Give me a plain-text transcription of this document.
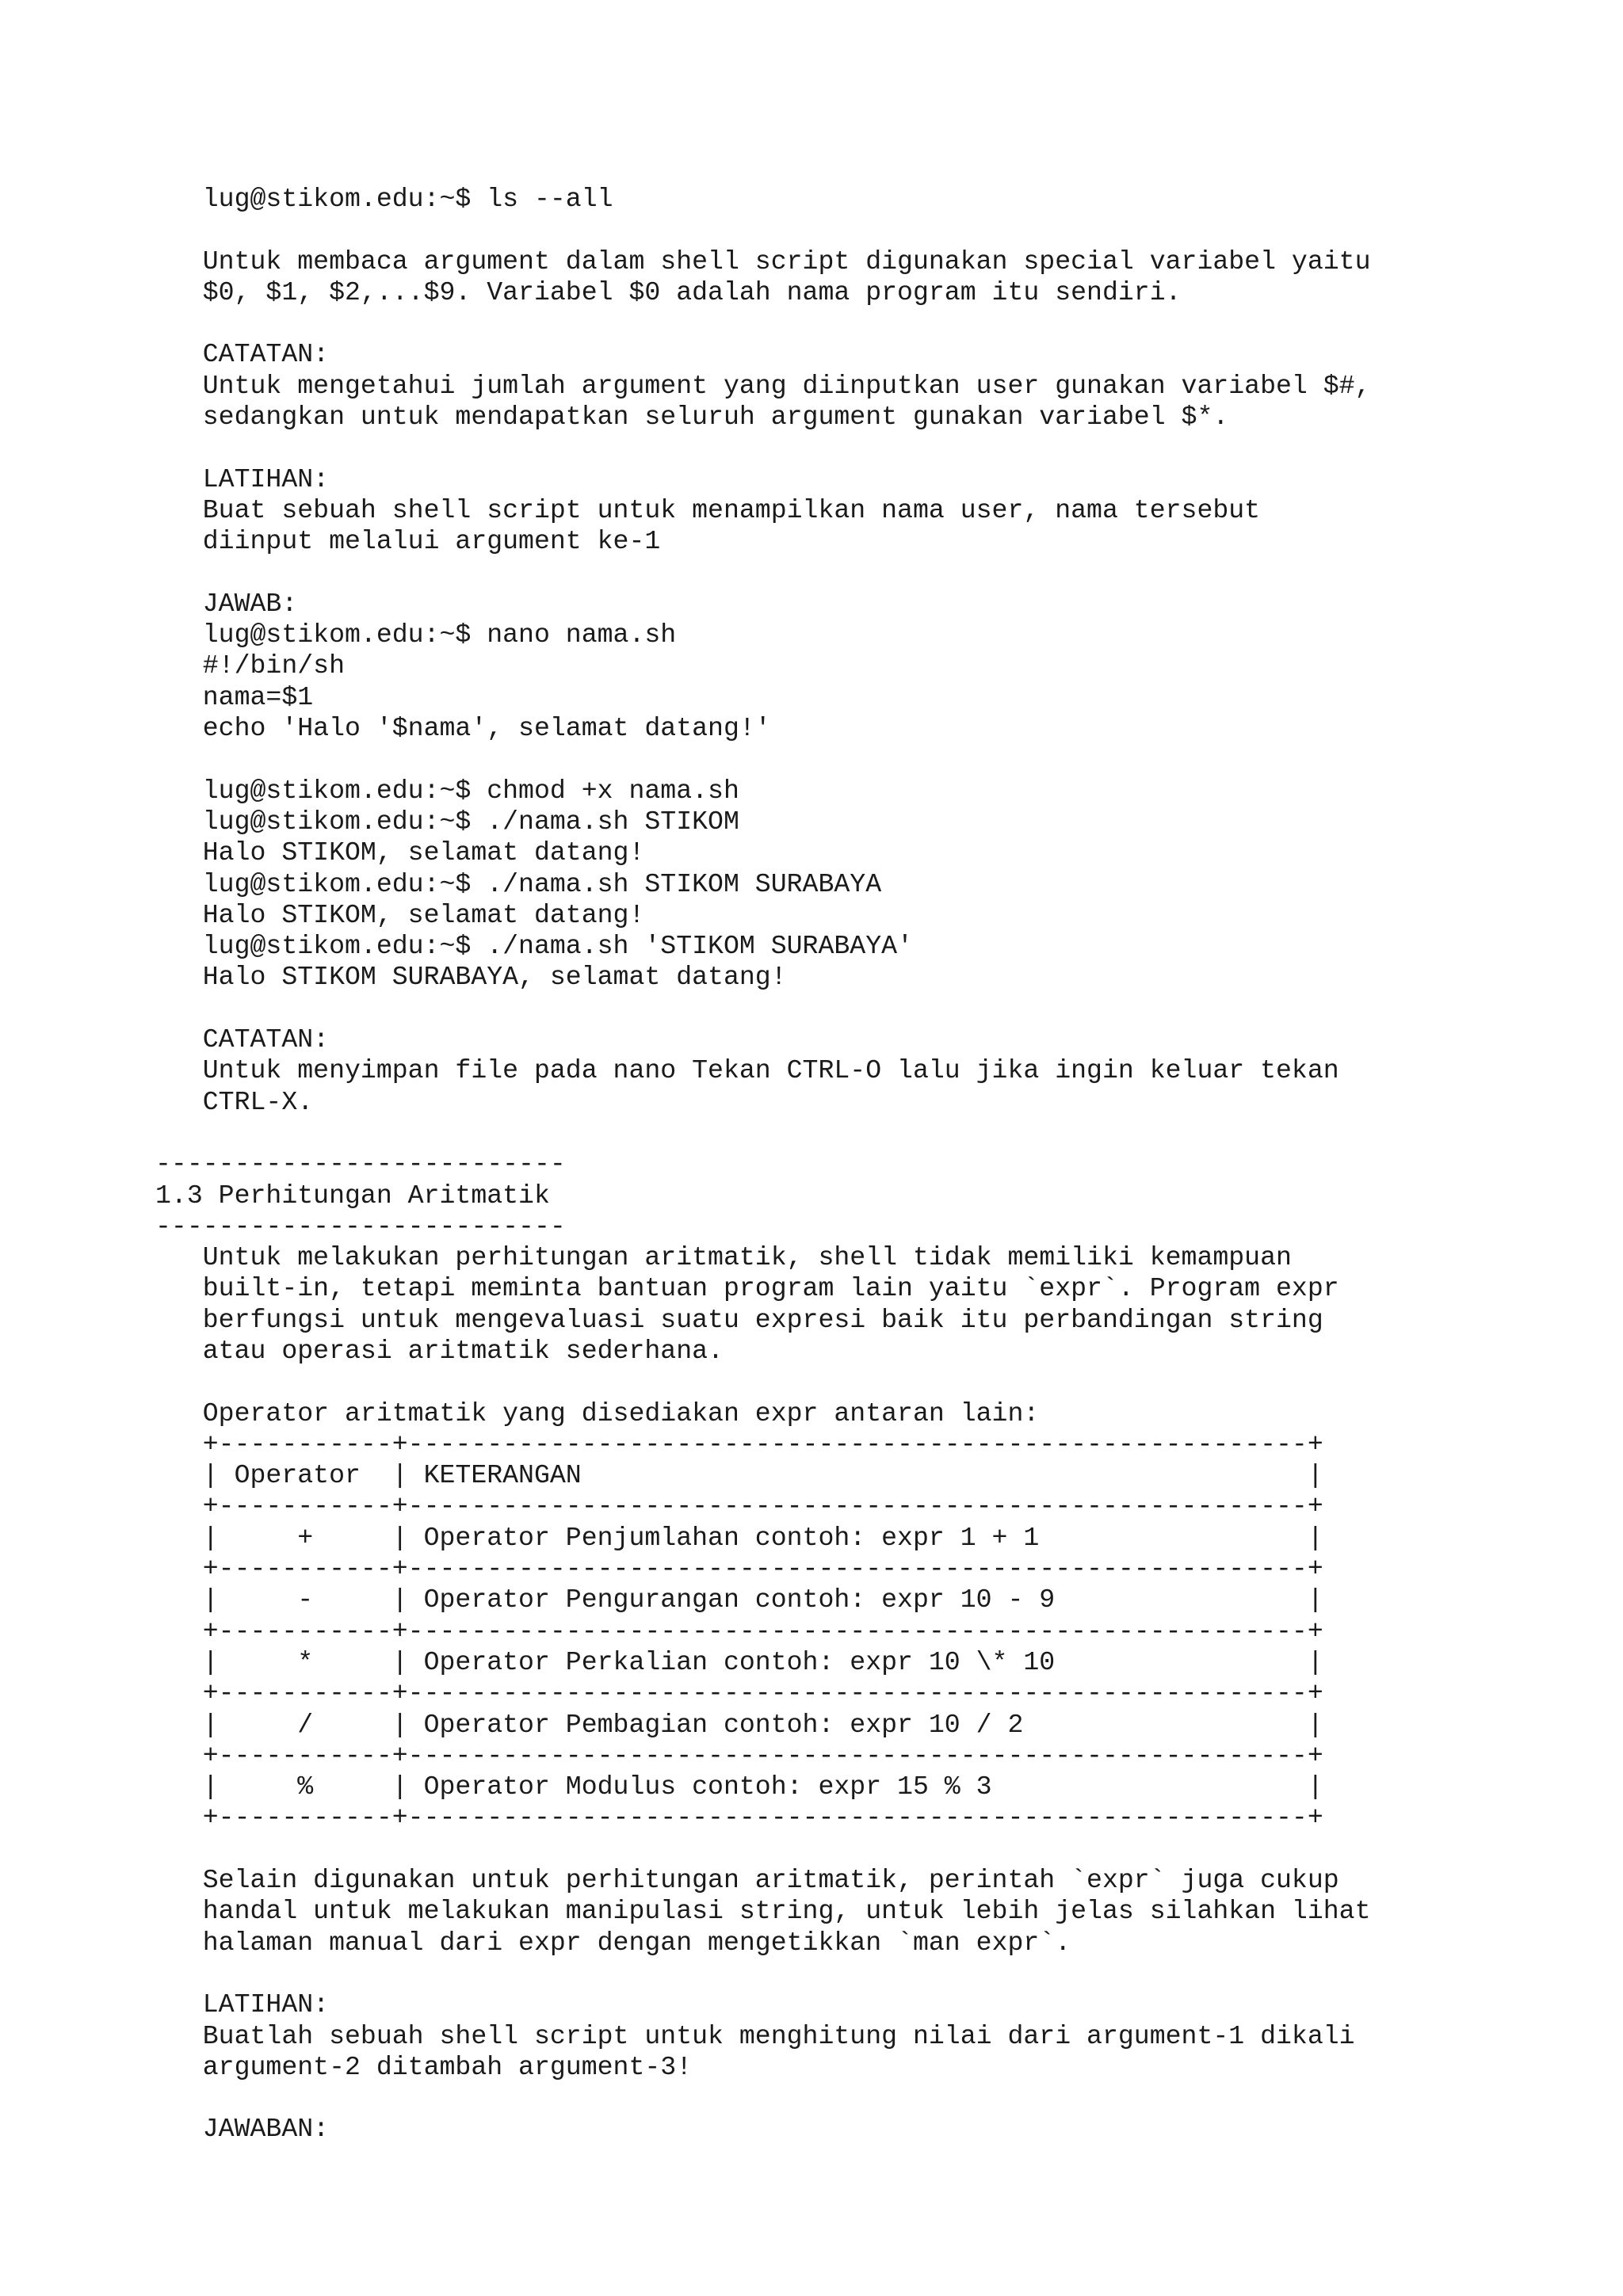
lug@stikom.edu:~$ ls --all
Untuk membaca argument dalam shell script digunakan special variabel yaitu
$0, $1, $2,...$9. Variabel $0 adalah nama program itu sendiri.
CATATAN:
Untuk mengetahui jumlah argument yang diinputkan user gunakan variabel $#,
sedangkan untuk mendapatkan seluruh argument gunakan variabel $*.
LATIHAN:
Buat sebuah shell script untuk menampilkan nama user, nama tersebut
diinput melalui argument ke-1
JAWAB:
lug@stikom.edu:~$ nano nama.sh
#!/bin/sh
nama=$1
echo 'Halo '$nama', selamat datang!'
lug@stikom.edu:~$ chmod +x nama.sh
lug@stikom.edu:~$ ./nama.sh STIKOM
Halo STIKOM, selamat datang!
lug@stikom.edu:~$ ./nama.sh STIKOM SURABAYA
Halo STIKOM, selamat datang!
lug@stikom.edu:~$ ./nama.sh 'STIKOM SURABAYA'
Halo STIKOM SURABAYA, selamat datang!
CATATAN:
Untuk menyimpan file pada nano Tekan CTRL-O lalu jika ingin keluar tekan
CTRL-X.
--------------------------
1.3 Perhitungan Aritmatik
--------------------------
Untuk melakukan perhitungan aritmatik, shell tidak memiliki kemampuan
built-in, tetapi meminta bantuan program lain yaitu `expr`. Program expr
berfungsi untuk mengevaluasi suatu expresi baik itu perbandingan string
atau operasi aritmatik sederhana.
Operator aritmatik yang disediakan expr antaran lain:
+-----------+---------------------------------------------------------+
| Operator  | KETERANGAN                                              |
+-----------+---------------------------------------------------------+
|     +     | Operator Penjumlahan contoh: expr 1 + 1                 |
+-----------+---------------------------------------------------------+
|     -     | Operator Pengurangan contoh: expr 10 - 9                |
+-----------+---------------------------------------------------------+
|     *     | Operator Perkalian contoh: expr 10 \* 10                |
+-----------+---------------------------------------------------------+
|     /     | Operator Pembagian contoh: expr 10 / 2                  |
+-----------+---------------------------------------------------------+
|     %     | Operator Modulus contoh: expr 15 % 3                    |
+-----------+---------------------------------------------------------+
Selain digunakan untuk perhitungan aritmatik, perintah `expr` juga cukup
handal untuk melakukan manipulasi string, untuk lebih jelas silahkan lihat
halaman manual dari expr dengan mengetikkan `man expr`.
LATIHAN:
Buatlah sebuah shell script untuk menghitung nilai dari argument-1 dikali
argument-2 ditambah argument-3!
JAWABAN:
